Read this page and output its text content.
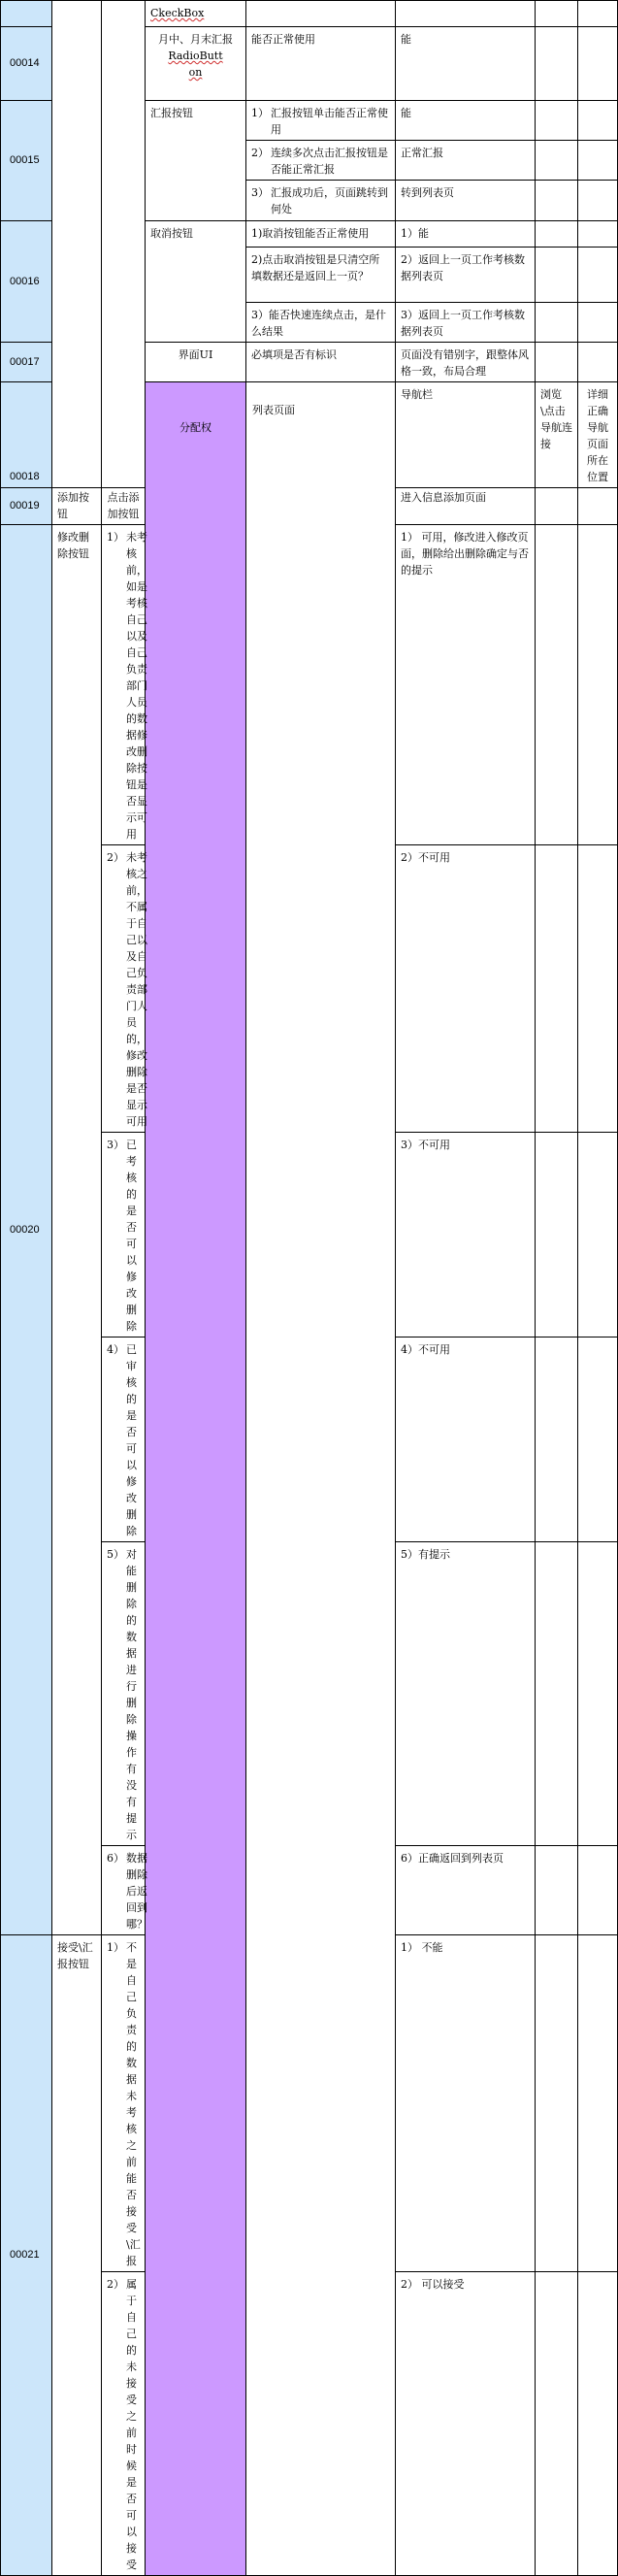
			CkeckBox					
00014			月中、月末汇报
RadioButt
on	能否正常使用	能			
00015			汇报按钮	1） 汇报按钮单击能否正常使用	能			

				2） 连续多次点击汇报按钮是否能正常汇报	正常汇报			

				3） 汇报成功后，页面跳转到何处	转到列表页			
00016			取消按钮	1)取消按钮能否正常使用	1）能			
				2)点击取消按钮是只清空所填数据还是返回上一页？	2）返回上一页工作考核数据列表页			
				3）能否快速连续点击，是什么结果	3）返回上一页工作考核数据列表页			
00017			界面UI	必填项是否有标识	页面没有错别字，跟整体风格一致，布局合理			
00018			分配权	列表页面	导航栏	浏览\点击导航连接	详细正确导航页面所在位置		
00019	添加按钮	点击添加按钮			进入信息添加页面			
00020	修改删除按钮	1） 未考核前，如是考核自己以及自己负责部门人员的数据修改删除按钮是否显示可用			1） 可用，修改进入修改页面，删除给出删除确定与否的提示			

		2） 未考核之前，不属于自己以及自己负责部门人员的，修改删除是否显示可用			2）不可用			

		3） 已考核的是否可以修改删除			3）不可用			

		4） 已审核的是否可以修改删除			4）不可用			

		5） 对能删除的数据进行删除操作有没有提示			5）有提示			

		6） 数据删除后返回到哪？			6）正确返回到列表页			
00021	接受\汇报按钮	1） 不是自己负责的数据未考核之前能否接受\汇报			1） 不能			

		2） 属于自己的未接受之前时候是否可以接受			2） 可以接受			
